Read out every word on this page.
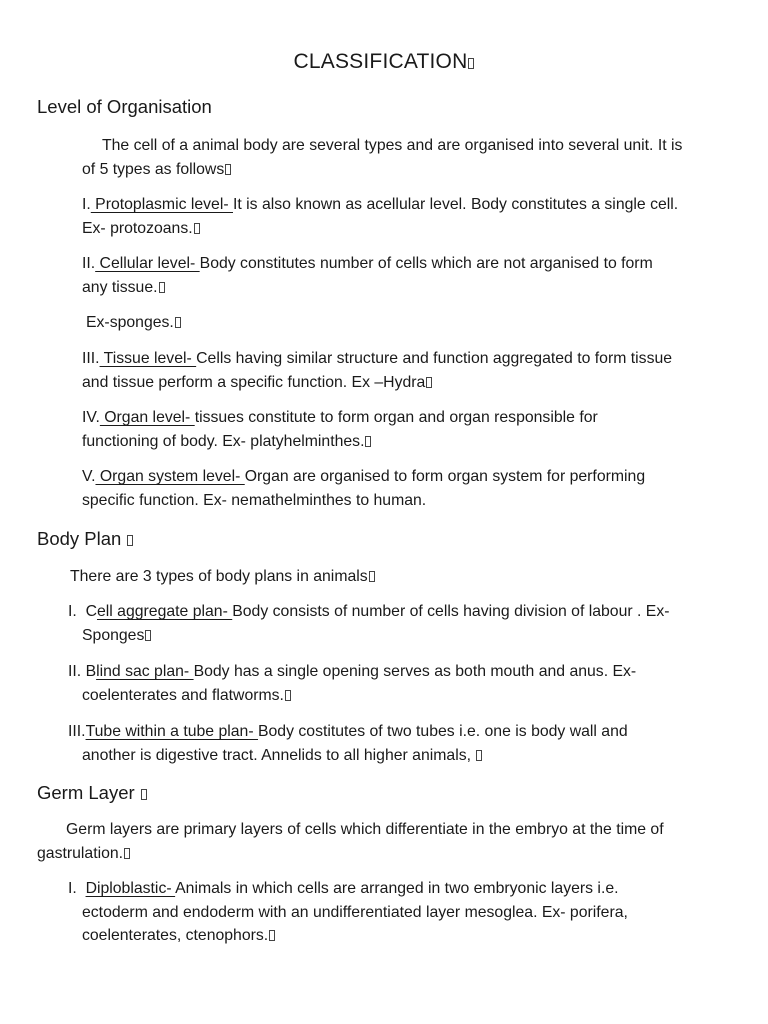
CLASSIFICATION
Level of Organisation
The cell of a animal body are several types and are organised into several unit. It is
of 5 types as follows
I. Protoplasmic level- It is also known as acellular level. Body constitutes a single cell.
Ex- protozoans.
II. Cellular level- Body constitutes number of cells which are not arganised to form
any tissue.
Ex-sponges.
III. Tissue level- Cells having similar structure and function aggregated to form tissue
and tissue perform a specific function. Ex –Hydra
IV. Organ level- tissues constitute to form organ and organ responsible for
functioning of body. Ex- platyhelminthes.
V. Organ system level- Organ are organised to form organ system for performing
specific function. Ex- nemathelminthes to human.
Body Plan
There are 3 types of body plans in animals
I. Cell aggregate plan- Body consists of number of cells having division of labour . Ex-
Sponges
II. Blind sac plan- Body has a single opening serves as both mouth and anus. Ex-
coelenterates and flatworms.
III.Tube within a tube plan- Body costitutes of two tubes i.e. one is body wall and
another is digestive tract. Annelids to all higher animals,
Germ Layer
Germ layers are primary layers of cells which differentiate in the embryo at the time of
gastrulation.
I. Diploblastic- Animals in which cells are arranged in two embryonic layers i.e.
ectoderm and endoderm with an undifferentiated layer mesoglea. Ex- porifera,
coelenterates, ctenophors.
